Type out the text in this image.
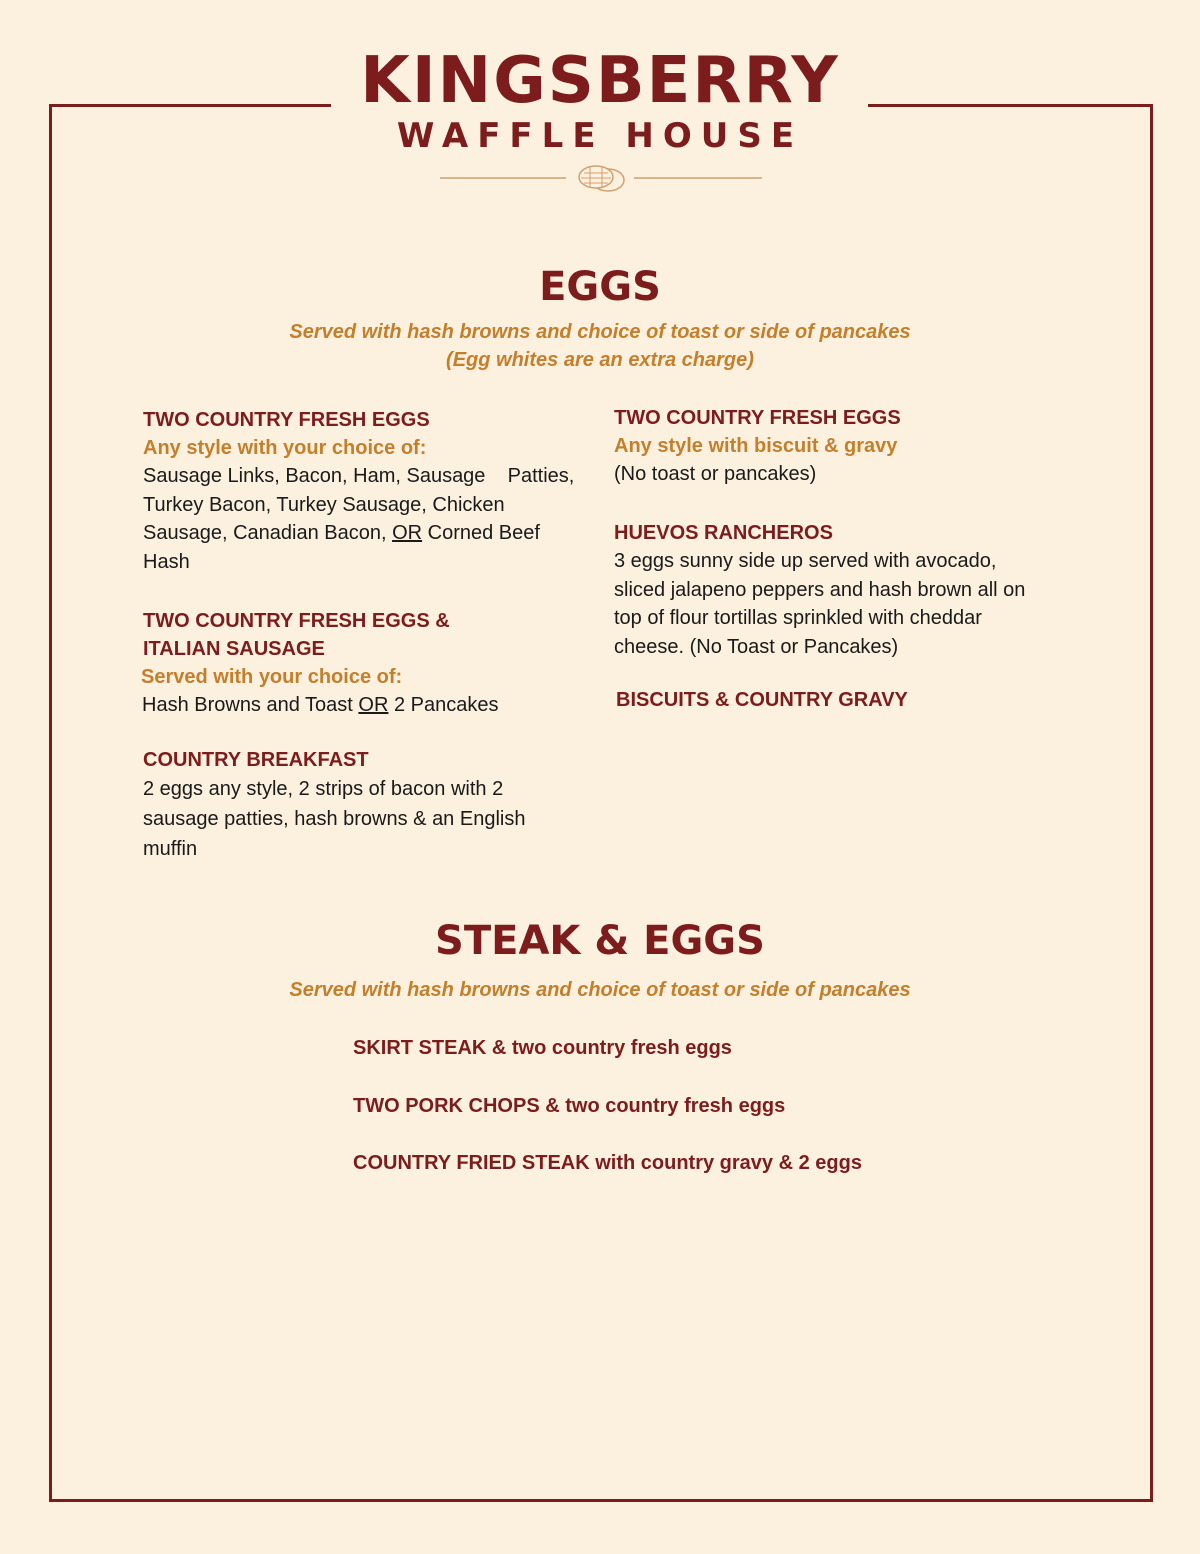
KINGSBERRY
WAFFLE HOUSE
EGGS
Served with hash browns and choice of toast or side of pancakes
(Egg whites are an extra charge)
TWO COUNTRY FRESH EGGS
Any style with your choice of:
Sausage Links, Bacon, Ham, Sausage    Patties,
Turkey Bacon, Turkey Sausage, Chicken
Sausage, Canadian Bacon, OR Corned Beef
Hash
TWO COUNTRY FRESH EGGS &
ITALIAN SAUSAGE
Served with your choice of:
Hash Browns and Toast OR 2 Pancakes
COUNTRY BREAKFAST
2 eggs any style, 2 strips of bacon with 2
sausage patties, hash browns & an English
muffin
TWO COUNTRY FRESH EGGS
Any style with biscuit & gravy
(No toast or pancakes)
HUEVOS RANCHEROS
3 eggs sunny side up served with avocado,
sliced jalapeno peppers and hash brown all on
top of flour tortillas sprinkled with cheddar
cheese. (No Toast or Pancakes)
BISCUITS & COUNTRY GRAVY
STEAK & EGGS
Served with hash browns and choice of toast or side of pancakes
SKIRT STEAK & two country fresh eggs
TWO PORK CHOPS & two country fresh eggs
COUNTRY FRIED STEAK with country gravy & 2 eggs
